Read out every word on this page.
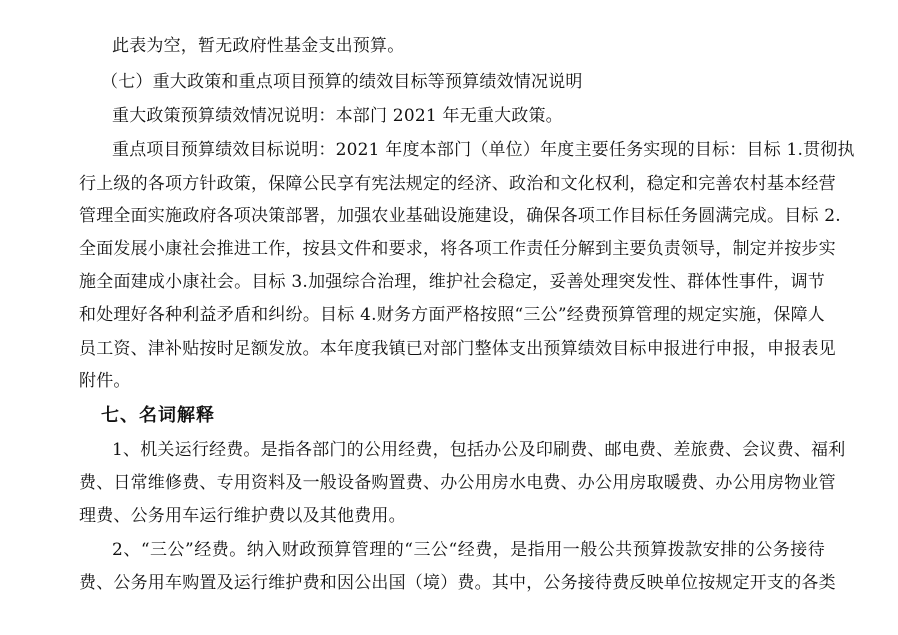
此表为空，暂无政府性基金支出预算。
（七）重大政策和重点项目预算的绩效目标等预算绩效情况说明
重大政策预算绩效情况说明：本部门 2021 年无重大政策。
重点项目预算绩效目标说明：2021 年度本部门（单位）年度主要任务实现的目标：目标 1.贯彻执
行上级的各项方针政策，保障公民享有宪法规定的经济、政治和文化权利，稳定和完善农村基本经营
管理全面实施政府各项决策部署，加强农业基础设施建设，确保各项工作目标任务圆满完成。目标 2.
全面发展小康社会推进工作，按县文件和要求，将各项工作责任分解到主要负责领导，制定并按步实
施全面建成小康社会。目标 3.加强综合治理，维护社会稳定，妥善处理突发性、群体性事件，调节
和处理好各种利益矛盾和纠纷。目标 4.财务方面严格按照“三公”经费预算管理的规定实施，保障人
员工资、津补贴按时足额发放。本年度我镇已对部门整体支出预算绩效目标申报进行申报，申报表见
附件。
七、名词解释
1、机关运行经费。是指各部门的公用经费，包括办公及印刷费、邮电费、差旅费、会议费、福利
费、日常维修费、专用资料及一般设备购置费、办公用房水电费、办公用房取暖费、办公用房物业管
理费、公务用车运行维护费以及其他费用。
2、“三公”经费。纳入财政预算管理的“三公“经费，是指用一般公共预算拨款安排的公务接待
费、公务用车购置及运行维护费和因公出国（境）费。其中，公务接待费反映单位按规定开支的各类
